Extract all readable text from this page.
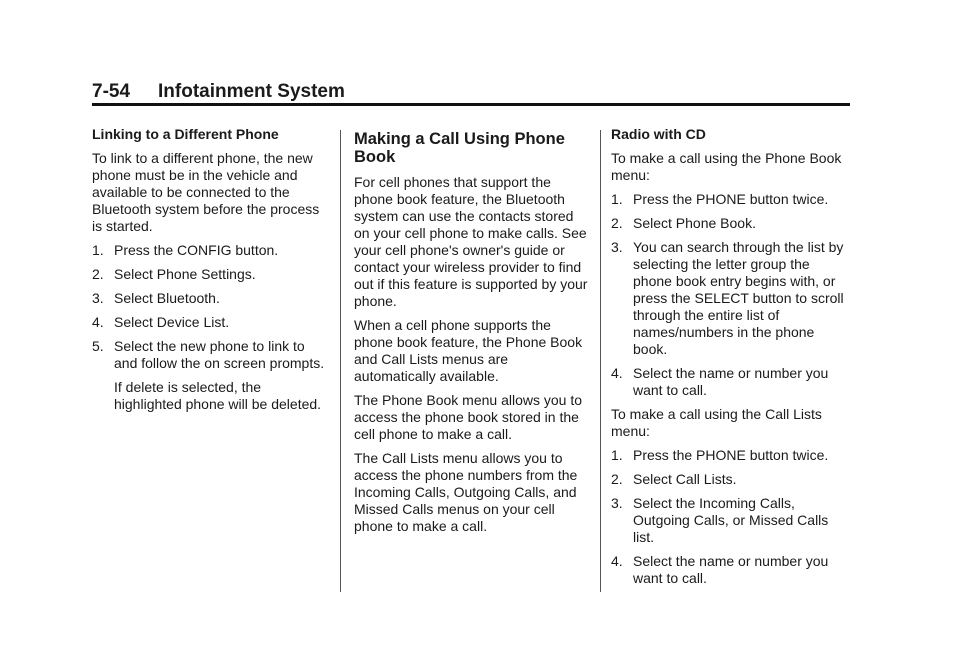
7-54 Infotainment System

Linking to a Different Phone

To link to a different phone, the new phone must be in the vehicle and available to be connected to the Bluetooth system before the process is started.

1. Press the CONFIG button.
2. Select Phone Settings.
3. Select Bluetooth.
4. Select Device List.
5. Select the new phone to link to and follow the on screen prompts.

If delete is selected, the highlighted phone will be deleted.

Making a Call Using Phone Book

For cell phones that support the phone book feature, the Bluetooth system can use the contacts stored on your cell phone to make calls. See your cell phone's owner's guide or contact your wireless provider to find out if this feature is supported by your phone.

When a cell phone supports the phone book feature, the Phone Book and Call Lists menus are automatically available.

The Phone Book menu allows you to access the phone book stored in the cell phone to make a call.

The Call Lists menu allows you to access the phone numbers from the Incoming Calls, Outgoing Calls, and Missed Calls menus on your cell phone to make a call.

Radio with CD

To make a call using the Phone Book menu:

1. Press the PHONE button twice.
2. Select Phone Book.
3. You can search through the list by selecting the letter group the phone book entry begins with, or press the SELECT button to scroll through the entire list of names/numbers in the phone book.
4. Select the name or number you want to call.

To make a call using the Call Lists menu:

1. Press the PHONE button twice.
2. Select Call Lists.
3. Select the Incoming Calls, Outgoing Calls, or Missed Calls list.
4. Select the name or number you want to call.
